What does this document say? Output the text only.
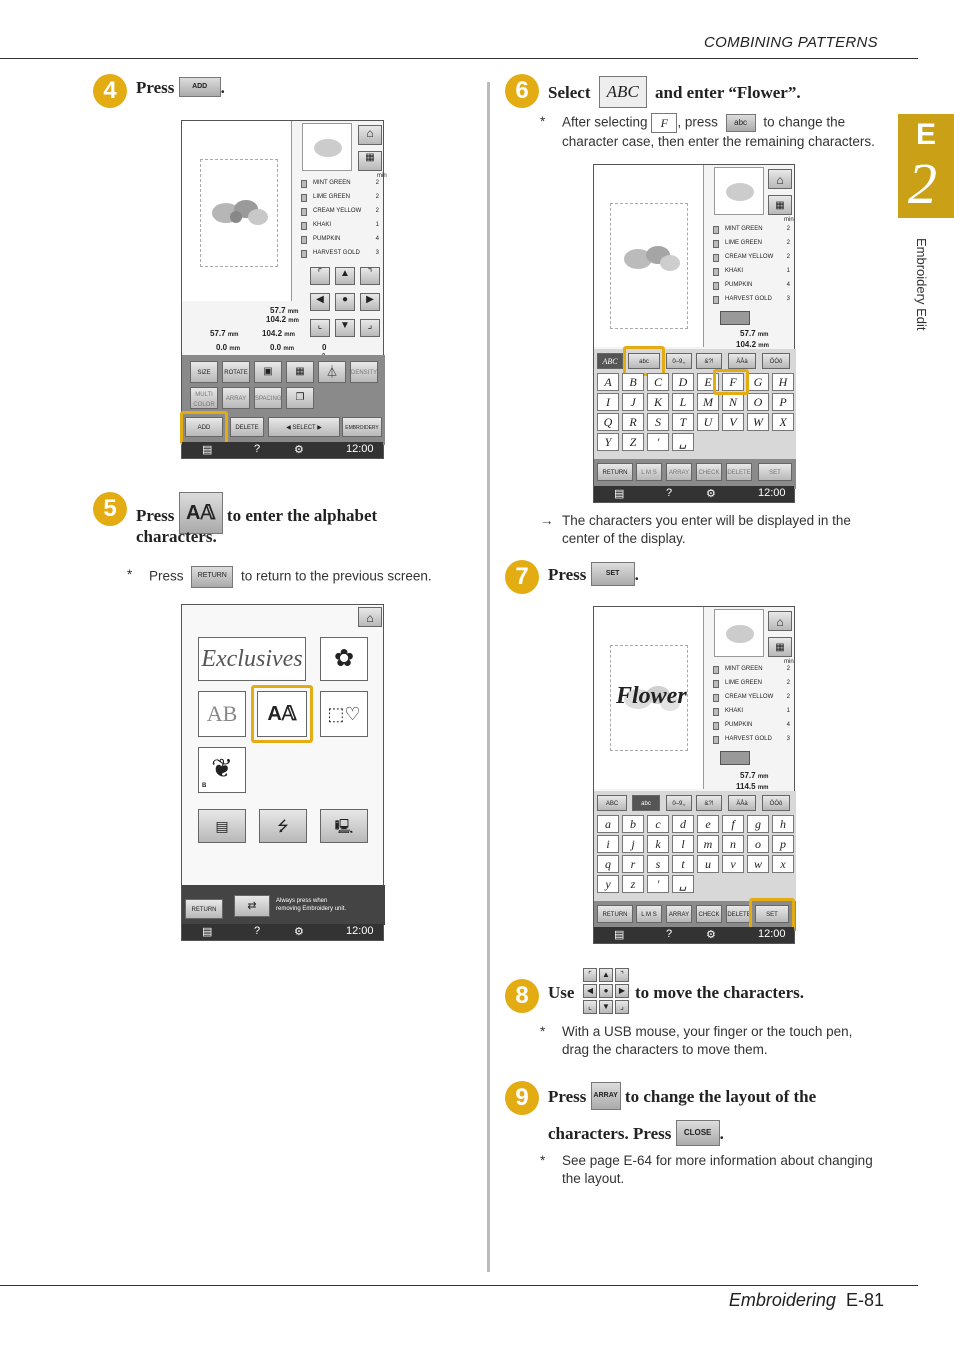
COMBINING PATTERNS
E
2
Embroidery Edit
4	Press	ADD .
⌂
▦
min
MINT GREEN	2
LIME GREEN	2
CREAM YELLOW 2
KHAKI	1
PUMPKIN	4
HARVEST GOLD	3
⌜	▲	⌝
◀	●	▶
⌞	▼	⌟
57.7 mm
104.2 mm
57.7 mm	104.2 mm
0.0 mm	0.0 mm	0
SIZE	ROTATE	▣	▦	⏃	DENSITY
MULTI COLOR
ARRAY	SPACING	❐
ADD	DELETE	◀ SELECT ▶	EMBROIDERY
▤	?	⚙	12:00
5	Press A𝔸 to enter the alphabet
characters.
* Press RETURN to return to the previous screen.
⌂
Exclusives	✿
AB	A𝔸	⬚♡
❦
B
▤	⭍	🖳
RETURN	⇄	Always press when
removing Embroidery unit.
▤	?	⚙	12:00
6	Select ABC and enter “Flower”.
* After selecting F , press abc to change the
character case, then enter the remaining characters.
⌂
▦
min
MINT GREEN	2
LIME GREEN	2
CREAM YELLOW 2
KHAKI	1
PUMPKIN	4
HARVEST GOLD 3
57.7 mm
104.2 mm
ABC	abc	0–9,,	&?!	ÄÅà	ÖÓô
A	B	C	D	E	F	G	H
I	J	K	L	M	N	O	P
Q	R	S	T	U	V	W	X
Y	Z	'	␣
RETURN	L M S	ARRAY	CHECK	DELETE	SET
▤	?	⚙	12:00
→ The characters you enter will be displayed in the
center of the display.
7	Press	SET .
Flower
⌂
▦
min
MINT GREEN	2
LIME GREEN	2
CREAM YELLOW 2
KHAKI	1
PUMPKIN	4
HARVEST GOLD 3
57.7 mm
114.5 mm
ABC	abc	0–9,,	&?!	ÄÅà	ÖÓô
a	b	c	d	e	f	g	h
i	j	k	l	m	n	o	p
q	r	s	t	u	v	w	x
y	z	'	␣
RETURN	L M S	ARRAY	CHECK	DELETE	SET
▤	?	⚙	12:00
8	Use
⌜	▲	⌝
◀	●	▶
⌞	▼	⌟
to move the characters.
* With a USB mouse, your finger or the touch pen,
drag the characters to move them.
9	Press ARRAY to change the layout of the
characters. Press CLOSE .
* See page E-64 for more information about changing
the layout.
Embroidering E-81
